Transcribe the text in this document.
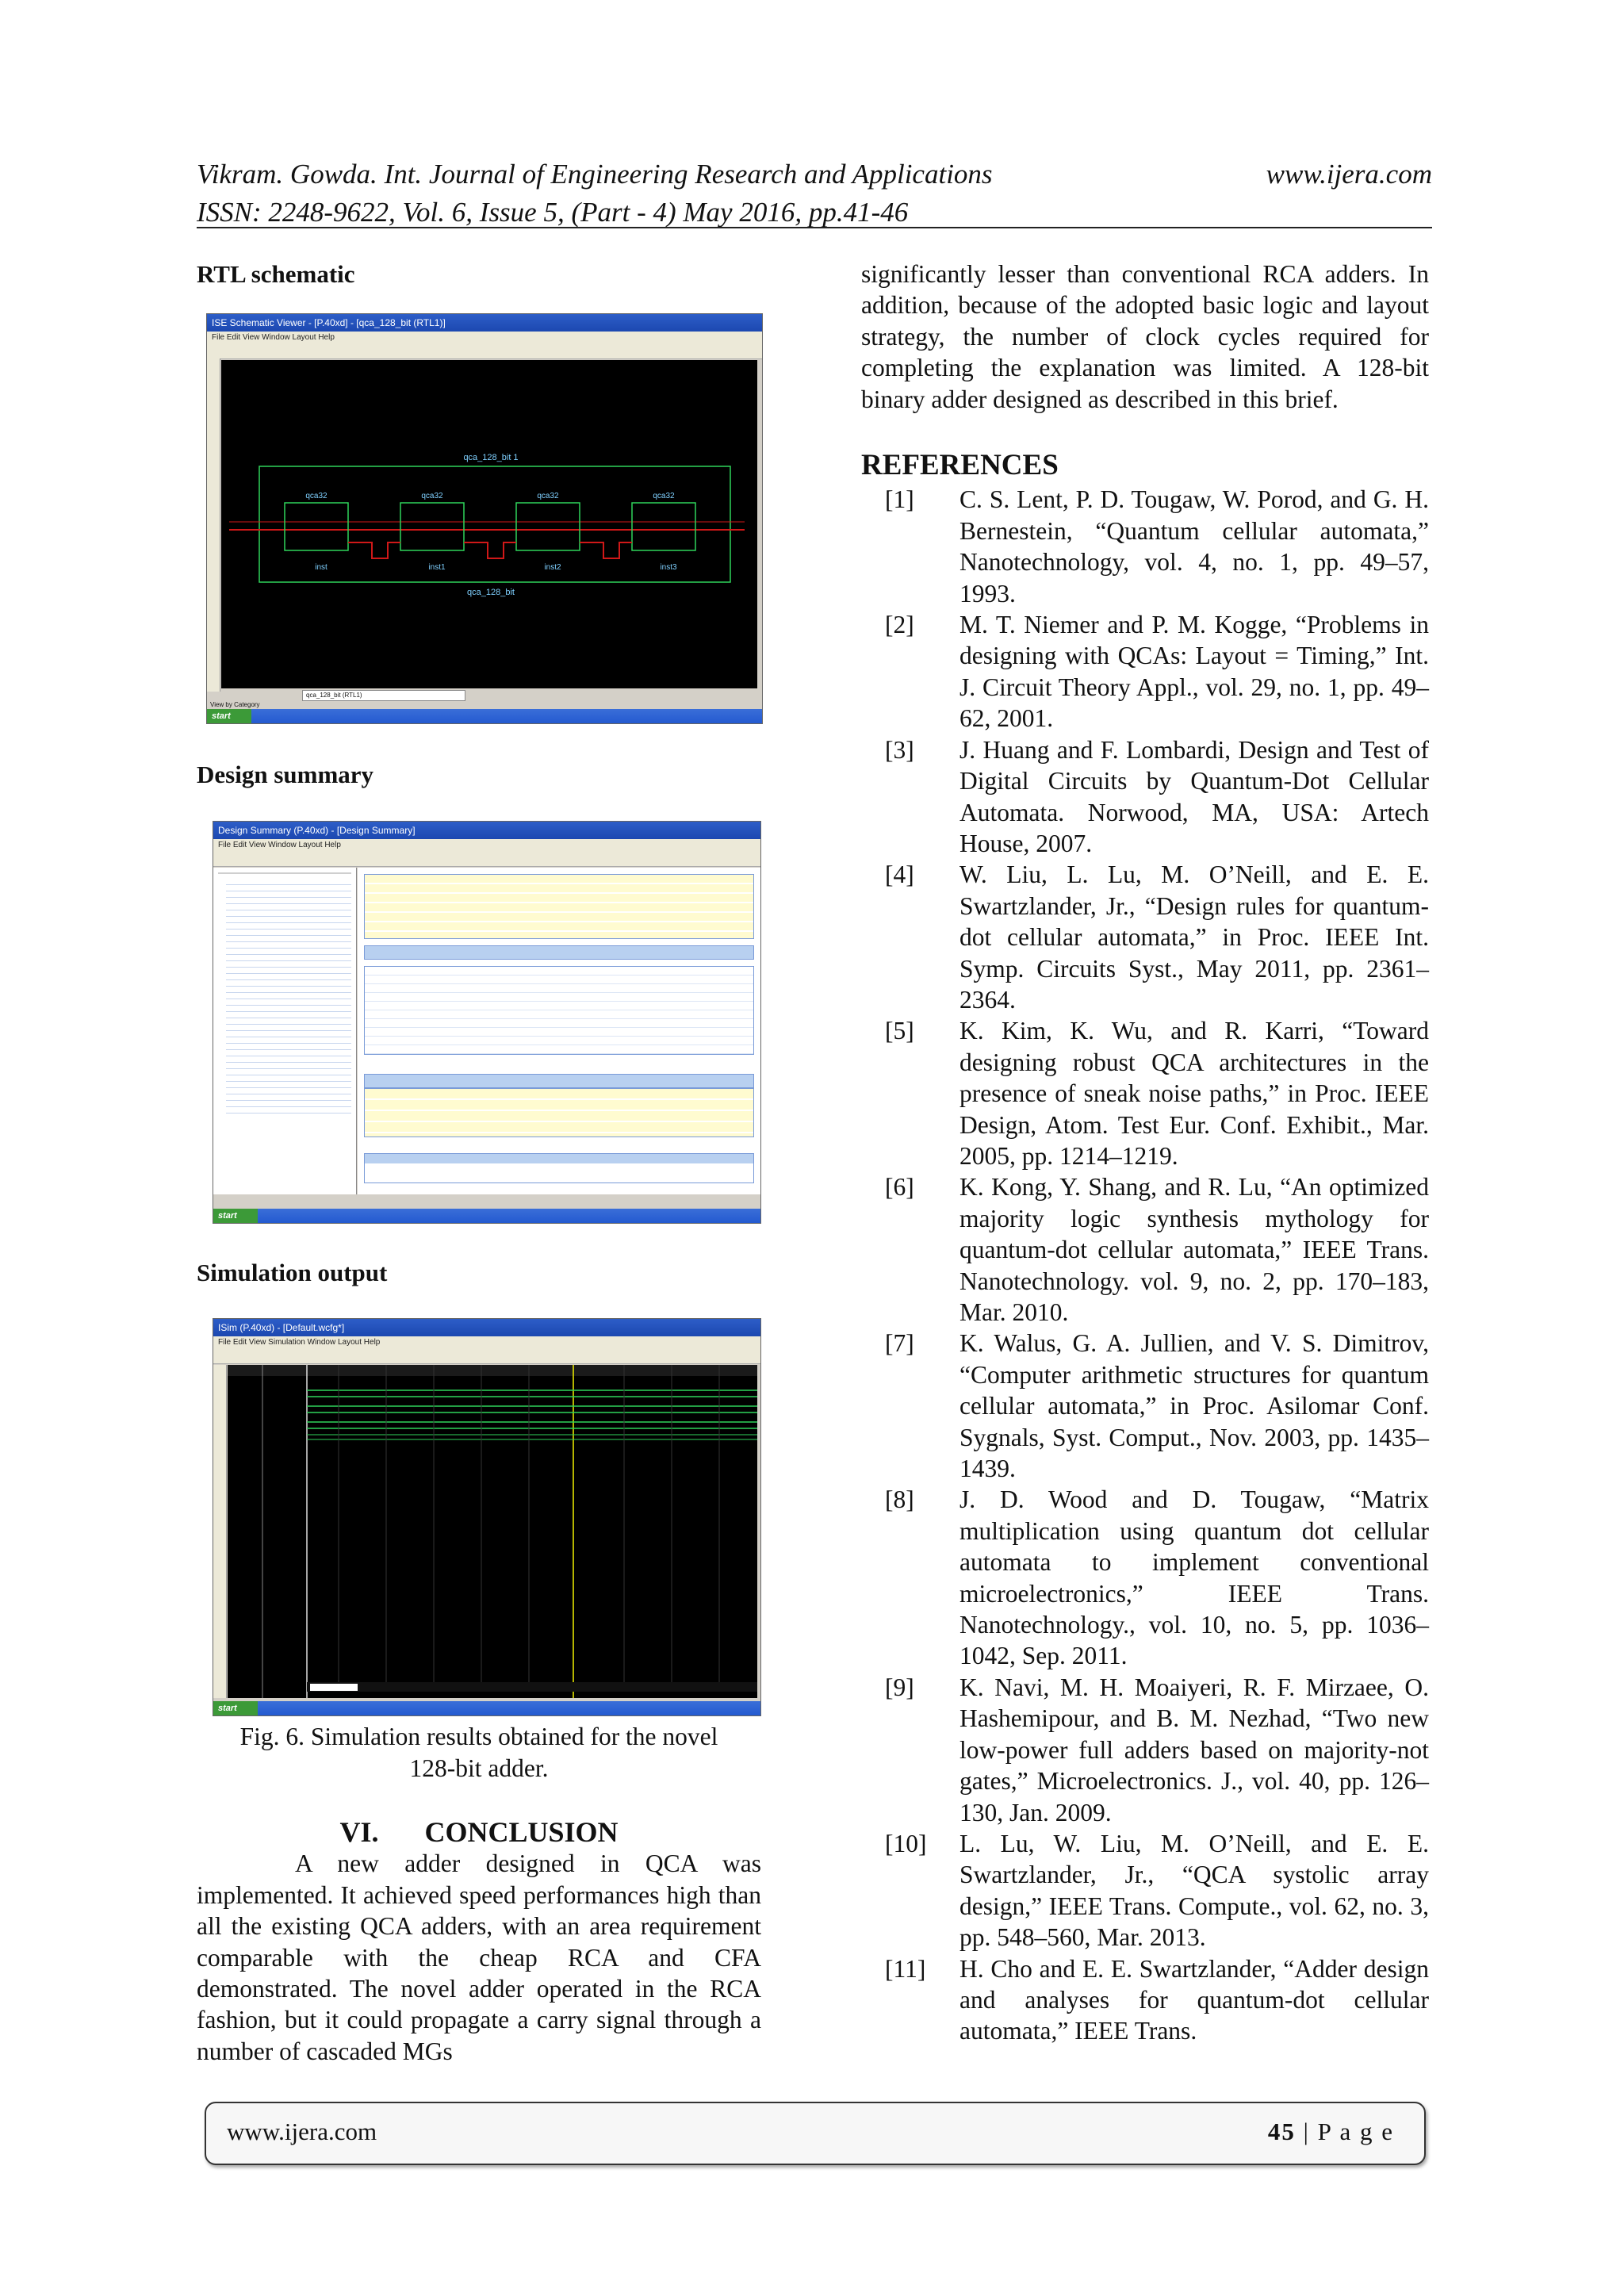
Vikram. Gowda. Int. Journal of Engineering Research and Applications	www.ijera.com
ISSN: 2248-9622, Vol. 6, Issue 5, (Part - 4) May 2016, pp.41-46
RTL schematic
ISE Schematic Viewer - [P.40xd] - [qca_128_bit (RTL1)]
File Edit View Window Layout Help
qca_128_bit 1
qca_128_bit
qca32
inst
qca32
inst1
qca32
inst2
qca32
inst3
qca_128_bit (RTL1)
View by Category
start
Design summary
Design Summary (P.40xd) - [Design Summary]
File Edit View Window Layout Help
start
Simulation output
ISim (P.40xd) - [Default.wcfg*]
File Edit View Simulation Window Layout Help
start
Fig. 6. Simulation results obtained for the novel 128-bit adder.
VI. CONCLUSION

A new adder designed in QCA was implemented. It achieved speed performances high than all the existing QCA adders, with an area requirement comparable with the cheap RCA and CFA demonstrated. The novel adder operated in the RCA fashion, but it could propagate a carry signal through a number of cascaded MGs

significantly lesser than conventional RCA adders. In addition, because of the adopted basic logic and layout strategy, the number of clock cycles required for completing the explanation was limited. A 128-bit binary adder designed as described in this brief.
REFERENCES
[1]	C. S. Lent, P. D. Tougaw, W. Porod, and G. H. Bernestein, “Quantum cellular automata,” Nanotechnology, vol. 4, no. 1, pp. 49–57, 1993.
[2]	M. T. Niemer and P. M. Kogge, “Problems in designing with QCAs: Layout = Timing,” Int. J. Circuit Theory Appl., vol. 29, no. 1, pp. 49–62, 2001.
[3]	J. Huang and F. Lombardi, Design and Test of Digital Circuits by Quantum-Dot Cellular Automata. Norwood, MA, USA: Artech House, 2007.
[4]	W. Liu, L. Lu, M. O’Neill, and E. E. Swartzlander, Jr., “Design rules for quantum-dot cellular automata,” in Proc. IEEE Int. Symp. Circuits Syst., May 2011, pp. 2361–2364.
[5]	K. Kim, K. Wu, and R. Karri, “Toward designing robust QCA architectures in the presence of sneak noise paths,” in Proc. IEEE Design, Atom. Test Eur. Conf. Exhibit., Mar. 2005, pp. 1214–1219.
[6]	K. Kong, Y. Shang, and R. Lu, “An optimized majority logic synthesis mythology for quantum-dot cellular automata,” IEEE Trans. Nanotechnology. vol. 9, no. 2, pp. 170–183, Mar. 2010.
[7]	K. Walus, G. A. Jullien, and V. S. Dimitrov, “Computer arithmetic structures for quantum cellular automata,” in Proc. Asilomar Conf. Sygnals, Syst. Comput., Nov. 2003, pp. 1435–1439.
[8]	J. D. Wood and D. Tougaw, “Matrix multiplication using quantum dot cellular automata to implement conventional microelectronics,” IEEE Trans. Nanotechnology., vol. 10, no. 5, pp. 1036–1042, Sep. 2011.
[9]	K. Navi, M. H. Moaiyeri, R. F. Mirzaee, O. Hashemipour, and B. M. Nezhad, “Two new low-power full adders based on majority-not gates,” Microelectronics. J., vol. 40, pp. 126–130, Jan. 2009.
[10]	L. Lu, W. Liu, M. O’Neill, and E. E. Swartzlander, Jr., “QCA systolic array design,” IEEE Trans. Compute., vol. 62, no. 3, pp. 548–560, Mar. 2013.
[11]	H. Cho and E. E. Swartzlander, “Adder design and analyses for quantum-dot cellular automata,” IEEE Trans.
www.ijera.com	45 | P a g e
